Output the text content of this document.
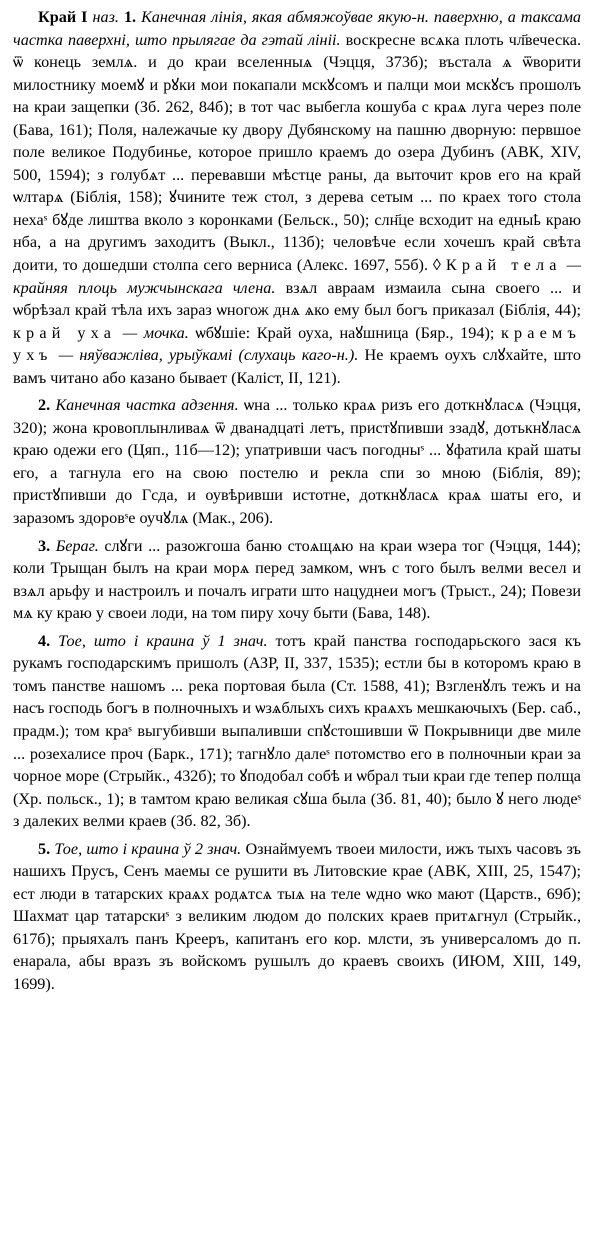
Край I наз. 1. Канечная лінія, якая абмяжоўвае якую-н. паверхню, а таксама частка паверхні, што прылягае да гэтай лініі. воскресне всѧка плоть чл҃веческа. ѿ конець землѧ. и до краи вселенныѧ (Чэцця, 373б); въстала ѧ ѿворити милостнику моемꙋ и рꙋки мои покапали мскꙋсомъ и палци мои мскꙋсъ прошолъ на краи защепки (Зб. 262, 84б); в тот час выбегла кошуба с краѧ луга через поле (Бава, 161); Поля, належачые ку двору Дубянскому на пашню дворную: первшое поле великое Подубинье, которое пришло краемъ до озера Дубинъ (АВК, XIV, 500, 1594); з голубѧт ... перевавши мѣстце раны, да выточит кров его на край ѡлтарѧ (Біблія, 158); ꙋчините теж стол, з дерева сетым ... по краех того стола нехаˢ бꙋде лиштва вколо з коронками (Бельск., 50); слн҃це всходит на едныҍ краю нба, а на другимъ заходитъ (Выкл., 113б); человѣче если хочешъ край свѣта доити, то дошедши столпа сего верниса (Алекс. 1697, 55б). ◊ Край тела — крайняя плоць мужчынскага члена. взѧл авраам измаила сына своего ... и ѡбрѣзал край тѣла ихъ зараз ѡногож днѧ ѧко ему был богъ приказал (Біблія, 44); край уха — мочка. ѡбꙋшіе: Край оуха, наꙋшница (Бяр., 194); краемъ ухъ — няўважліва, урыўкамі (слухаць каго-н.). Не краемъ оухъ слꙋхайте, што вамъ читано або казано бывает (Каліст, II, 121).

2. Канечная частка адзення. ѡна ... только краѧ ризъ его доткнꙋласѧ (Чэцця, 320); жона кровоплынливаѧ ѿ дванадцаті летъ, пристꙋпивши ззадꙋ, дотькнꙋласѧ краю одежи его (Цяп., 11б—12); упатривши часъ погодныˢ ... ꙋфатила край шаты его, а тагнула его на свою постелю и рекла спи зо мною (Біблія, 89); пристꙋпивши до Гсда, и оувѣривши истотне, доткнꙋласѧ краѧ шаты его, и заразомъ здоровˢе оучꙋлѧ (Мак., 206).

3. Бераг. слꙋги ... разожгоша баню стоѧщѧю на краи ѡзера тог (Чэцця, 144); коли Трыщан былъ на краи морѧ перед замком, ѡнъ с того былъ велми весел и взѧл арьфу и настроилъ и почалъ играти што нацуднеи могъ (Трыст., 24); Повези мѧ ку краю у своеи лоди, на том пиру хочу быти (Бава, 148).

4. Тое, што і краина ў 1 знач. тотъ край панства господарьского зася къ рукамъ господарскимъ пришолъ (АЗР, II, 337, 1535); естли бы в которомъ краю в томъ панстве нашомъ ... река портовая была (Ст. 1588, 41); Взгленꙋлъ тежъ и на насъ господь богъ в полночныхъ и ѡзѧблыхъ сихъ краѧхъ мешкаючыхъ (Бер. саб., прадм.); том краˢ выгубивши выпаливши спꙋстошивши ѿ Покрывници две миле ... розехалисе проч (Барк., 171); тагнꙋло далеˢ потомство его в полночныи краи за чорное море (Стрыйк., 432б); то ꙋподобал собѣ и ѡбрал тыи краи где тепер полща (Хр. польск., 1); в тамтом краю великая сꙋша была (Зб. 81, 40); было ꙋ него людеˢ з далеких велми краев (Зб. 82, 3б).

5. Тое, што і краина ў 2 знач. Ознаймуемъ твоеи милости, ижъ тыхъ часовъ зъ нашихъ Прусъ, Сенъ маемы се рушити въ Литовские крае (АВК, XIII, 25, 1547); ест люди в татарских краѧх родѧтсѧ тыѧ на теле ѡдно ѡко мают (Царств., 69б); Шахмат цар татарскиˢ з великим людом до полских краев притѧгнул (Стрыйк., 617б); прыяхалъ панъ Крееръ, капитанъ его кор. млсти, зъ универсаломъ до п. енарала, абы вразъ зъ войскомъ рушылъ до краевъ своихъ (ИЮМ, XIII, 149, 1699).
